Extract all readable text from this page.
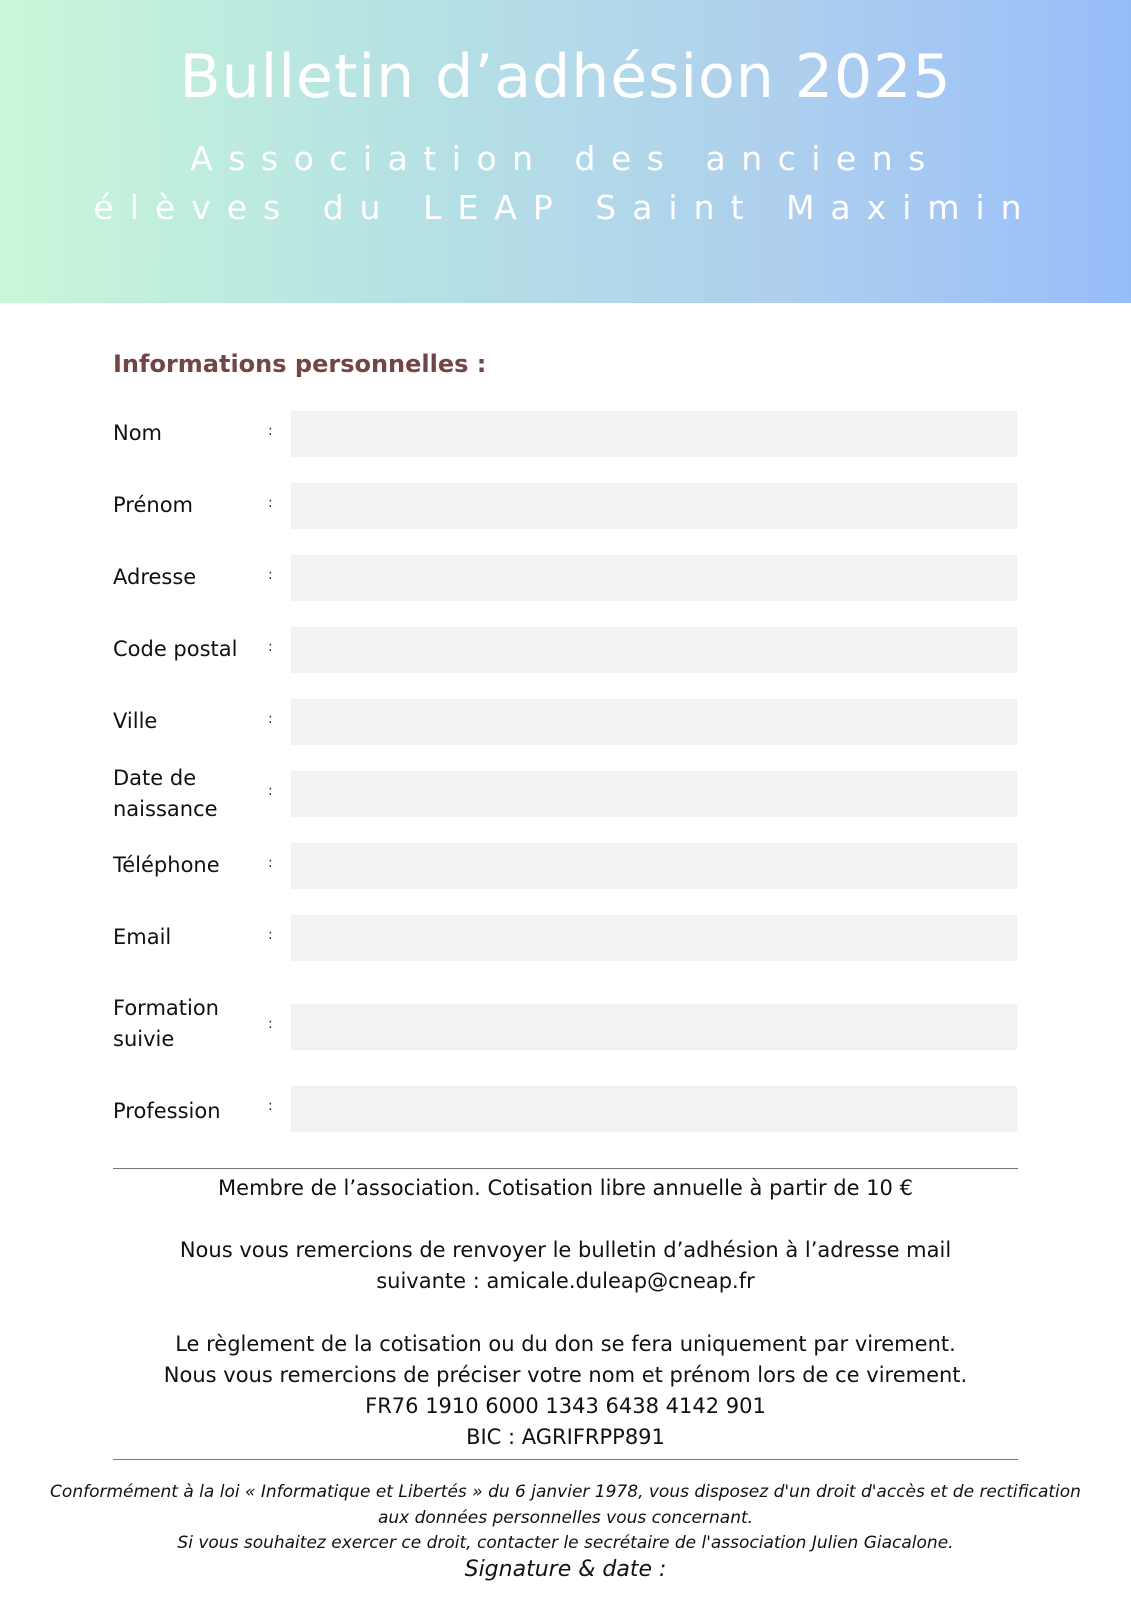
Bulletin d’adhésion 2025
Association des anciens
élèves du LEAP Saint Maximin
Informations personnelles :
Nom	:
Prénom	:
Adresse	:
Code postal :
Ville	:
Date de
naissance
:
Téléphone	:
Email	:
Formation
suivie
:
Profession	:
Membre de l’association. Cotisation libre annuelle à partir de 10 €
Nous vous remercions de renvoyer le bulletin d’adhésion à l’adresse mail
suivante : amicale.duleap@cneap.fr
Le règlement de la cotisation ou du don se fera uniquement par virement.
Nous vous remercions de préciser votre nom et prénom lors de ce virement.
FR76 1910 6000 1343 6438 4142 901
BIC : AGRIFRPP891
Conformément à la loi « Informatique et Libertés » du 6 janvier 1978, vous disposez d'un droit d'accès et de rectification
aux données personnelles vous concernant.
Si vous souhaitez exercer ce droit, contacter le secrétaire de l'association Julien Giacalone.
Signature & date :
